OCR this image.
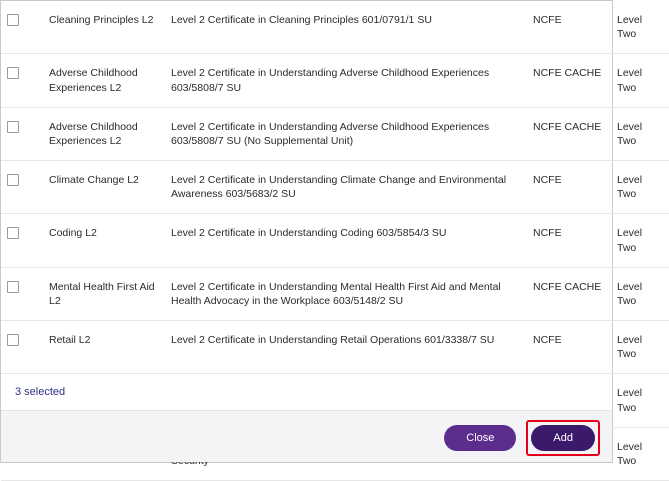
	Cleaning Principles L2	Level 2 Certificate in Cleaning Principles 601/0791/1 SU	NCFE	Level Two

	Adverse Childhood Experiences L2	Level 2 Certificate in Understanding Adverse Childhood Experiences 603/5808/7 SU	NCFE CACHE	Level Two

	Adverse Childhood Experiences L2	Level 2 Certificate in Understanding Adverse Childhood Experiences 603/5808/7 SU (No Supplemental Unit)	NCFE CACHE	Level Two

	Climate Change L2	Level 2 Certificate in Understanding Climate Change and Environmental Awareness 603/5683/2 SU	NCFE	Level Two

	Coding L2	Level 2 Certificate in Understanding Coding 603/5854/3 SU	NCFE	Level Two

	Mental Health First Aid L2	Level 2 Certificate in Understanding Mental Health First Aid and Mental Health Advocacy in the Workplace 603/5148/2 SU	NCFE CACHE	Level Two

	Retail L2	Level 2 Certificate in Understanding Retail Operations 601/3338/7 SU	NCFE	Level Two

				Level Two

				Level Two
3 selected
Close	Add
